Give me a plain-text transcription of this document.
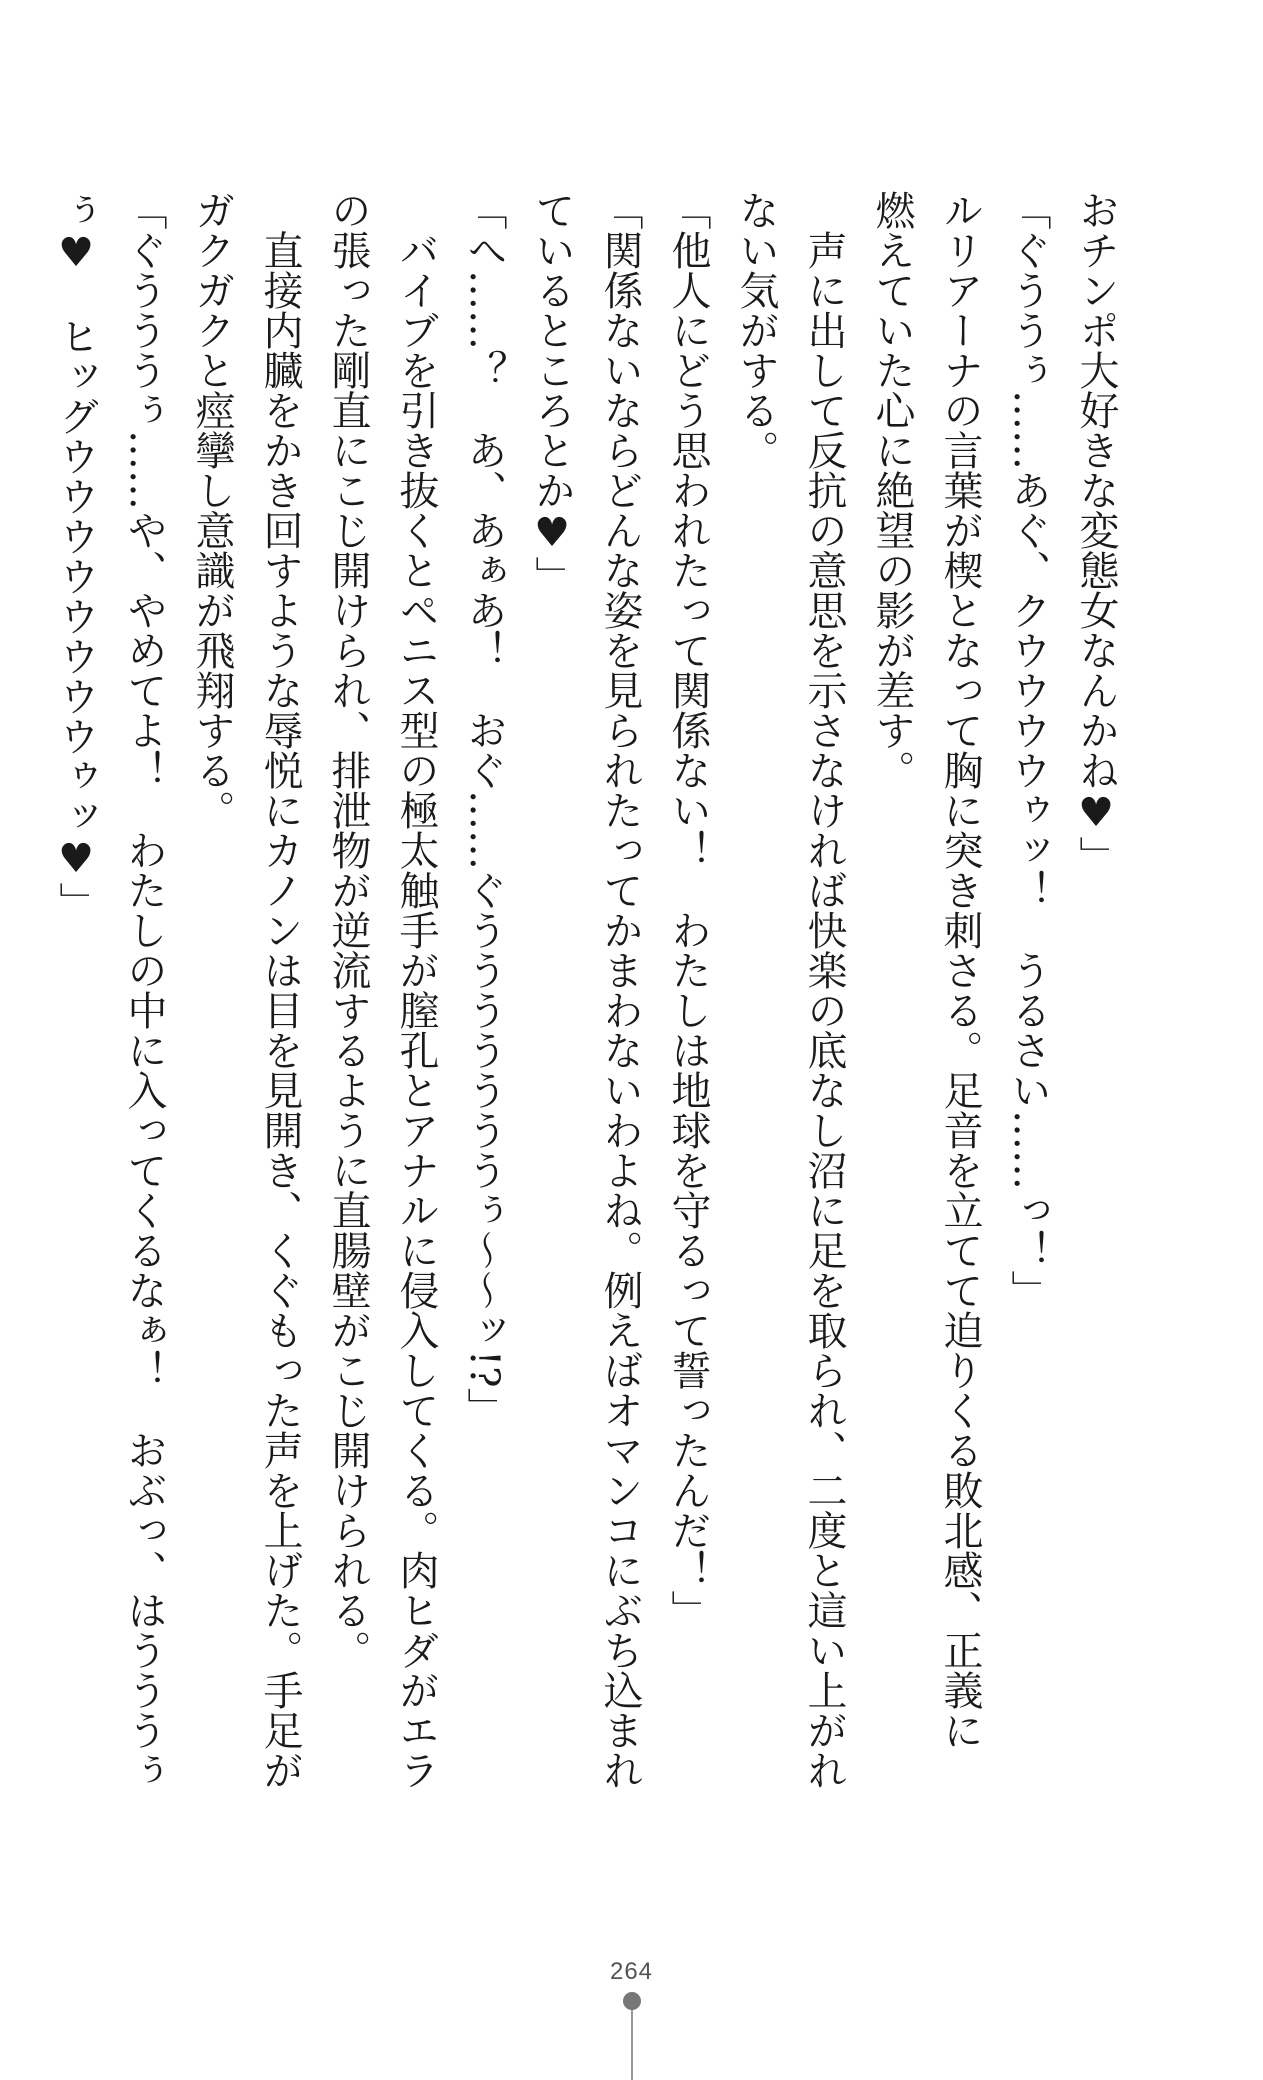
おチンポ大好きな変態女なんかね♥」

「ぐううぅ……あぐ、クウウウウゥッ！　うるさい……っ！」

ルリアーナの言葉が楔となって胸に突き刺さる。足音を立てて迫りくる敗北感、正義に

燃えていた心に絶望の影が差す。

　声に出して反抗の意思を示さなければ快楽の底なし沼に足を取られ、二度と這い上がれ

ない気がする。

「他人にどう思われたって関係ない！　わたしは地球を守るって誓ったんだ！」

「関係ないならどんな姿を見られたってかまわないわよね。例えばオマンコにぶち込まれ

ているところとか♥」

「へ……？　あ、あぁあ！　おぐ……ぐうううううううぅ〜〜ッ!?」

　バイブを引き抜くとペニス型の極太触手が膣孔とアナルに侵入してくる。肉ヒダがエラ

の張った剛直にこじ開けられ、排泄物が逆流するように直腸壁がこじ開けられる。

　直接内臓をかき回すような辱悦にカノンは目を見開き、くぐもった声を上げた。手足が

ガクガクと痙攣し意識が飛翔する。

「ぐうううぅ……や、やめてよ！　わたしの中に入ってくるなぁ！　おぶっ、はうううぅ

ぅ♥　ヒッグウウウウウウウウゥッ♥」

264
